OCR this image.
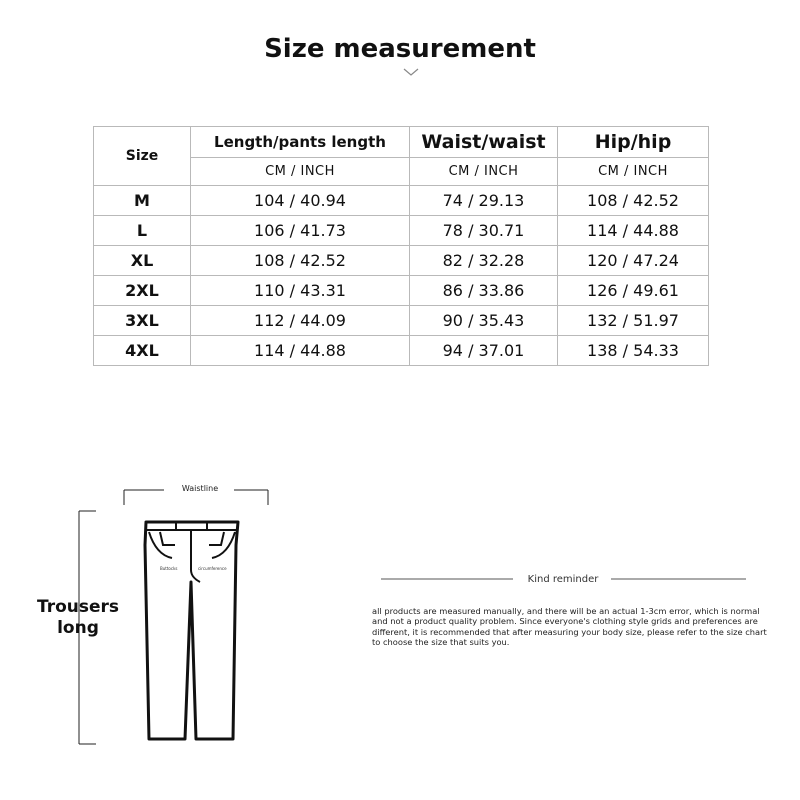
Size measurement
Size	Length/pants length	Waist/waist	Hip/hip
	CM / INCH	CM / INCH	CM / INCH
M	104 / 40.94	74 / 29.13	108 / 42.52
L	106 / 41.73	78 / 30.71	114 / 44.88
XL	108 / 42.52	82 / 32.28	120 / 47.24
2XL	110 / 43.31	86 / 33.86	126 / 49.61
3XL	112 / 44.09	90 / 35.43	132 / 51.97
4XL	114 / 44.88	94 / 37.01	138 / 54.33
Buttocks	circumference
Waistline
Trousers
long
Kind reminder
all products are measured manually, and there will be an actual 1-3cm error, which is normal and not a product quality problem. Since everyone's clothing style grids and preferences are different, it is recommended that after measuring your body size, please refer to the size chart to choose the size that suits you.
